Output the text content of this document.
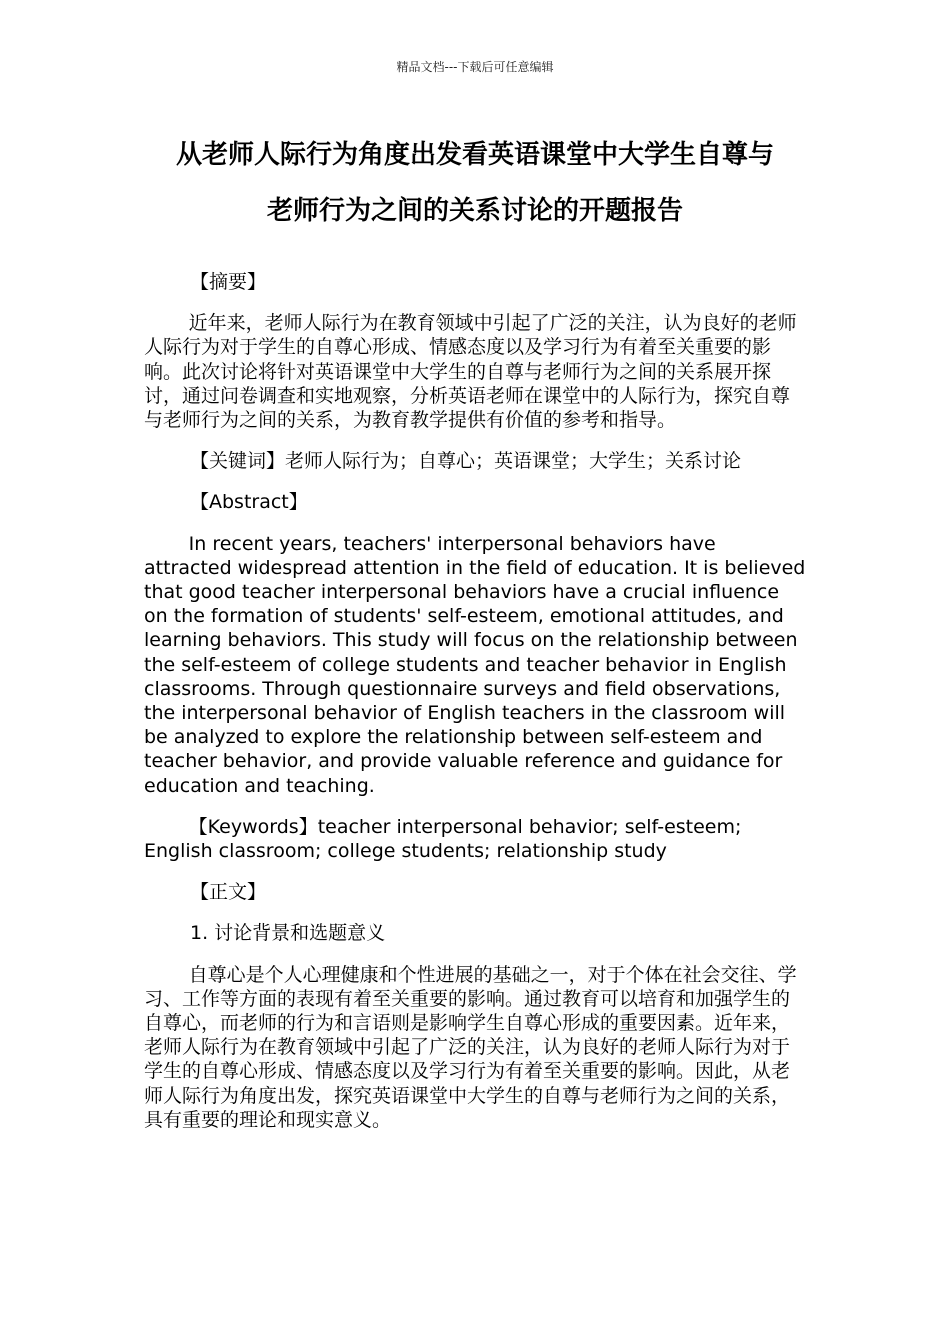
精品文档---下载后可任意编辑
从老师人际行为角度出发看英语课堂中大学生自尊与
老师行为之间的关系讨论的开题报告

【摘要】

近年来，老师人际行为在教育领域中引起了广泛的关注，认为良好的老师人际行为对于学生的自尊心形成、情感态度以及学习行为有着至关重要的影响。此次讨论将针对英语课堂中大学生的自尊与老师行为之间的关系展开探讨，通过问卷调查和实地观察，分析英语老师在课堂中的人际行为，探究自尊与老师行为之间的关系，为教育教学提供有价值的参考和指导。

【关键词】老师人际行为；自尊心；英语课堂；大学生；关系讨论

【Abstract】

In recent years, teachers' interpersonal behaviors have attracted widespread attention in the field of education. It is believed that good teacher interpersonal behaviors have a crucial influence on the formation of students' self-esteem, emotional attitudes, and learning behaviors. This study will focus on the relationship between the self-esteem of college students and teacher behavior in English classrooms. Through questionnaire surveys and field observations, the interpersonal behavior of English teachers in the classroom will be analyzed to explore the relationship between self-esteem and teacher behavior, and provide valuable reference and guidance for education and teaching.

【Keywords】teacher interpersonal behavior; self-esteem; English classroom; college students; relationship study

【正文】

1. 讨论背景和选题意义

自尊心是个人心理健康和个性进展的基础之一，对于个体在社会交往、学习、工作等方面的表现有着至关重要的影响。通过教育可以培育和加强学生的自尊心，而老师的行为和言语则是影响学生自尊心形成的重要因素。近年来，老师人际行为在教育领域中引起了广泛的关注，认为良好的老师人际行为对于学生的自尊心形成、情感态度以及学习行为有着至关重要的影响。因此，从老师人际行为角度出发，探究英语课堂中大学生的自尊与老师行为之间的关系，具有重要的理论和现实意义。
